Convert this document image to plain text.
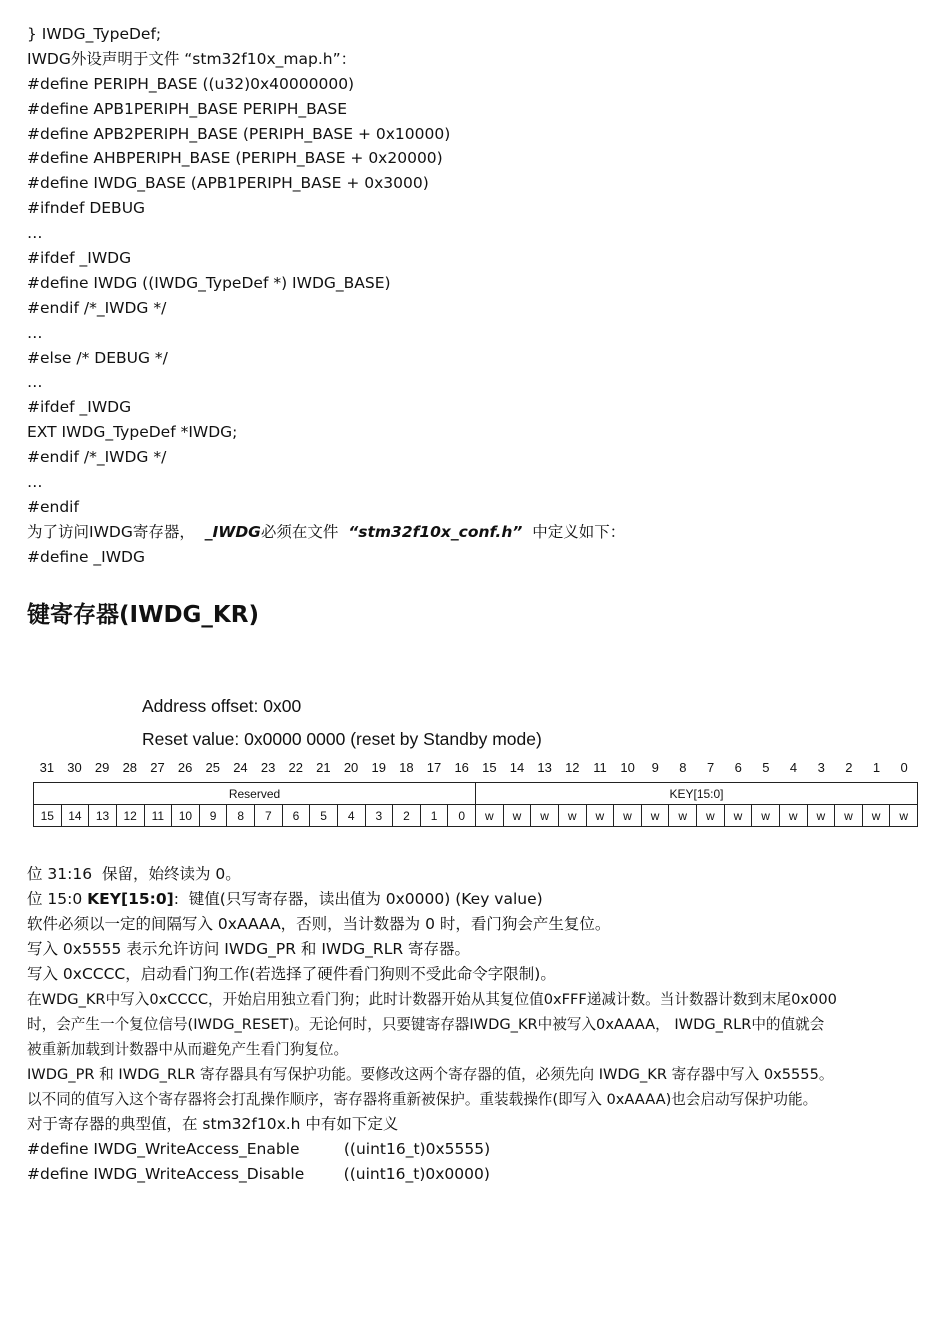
} IWDG_TypeDef;
IWDG外设声明于文件 “stm32f10x_map.h”：
#define PERIPH_BASE ((u32)0x40000000)
#define APB1PERIPH_BASE PERIPH_BASE
#define APB2PERIPH_BASE (PERIPH_BASE + 0x10000)
#define AHBPERIPH_BASE (PERIPH_BASE + 0x20000)
#define IWDG_BASE (APB1PERIPH_BASE + 0x3000)
#ifndef DEBUG
…
#ifdef _IWDG
#define IWDG ((IWDG_TypeDef *) IWDG_BASE)
#endif /*_IWDG */
…
#else /* DEBUG */
…
#ifdef _IWDG
EXT IWDG_TypeDef *IWDG;
#endif /*_IWDG */
…
#endif
为了访问IWDG寄存器，  _IWDG必须在文件  “stm32f10x_conf.h”  中定义如下：
#define _IWDG
键寄存器(IWDG_KR)
Address offset: 0x00
Reset value: 0x0000 0000 (reset by Standby mode)
31	30	29	28	27	26	25	24	23	22	21	20	19	18	17	16	15	14	13	12	11	10	9	8	7	6	5	4	3	2	1	0
Reserved																KEY[15:0]															
15	14	13	12	11	10	9	8	7	6	5	4	3	2	1	0	w	w	w	w	w	w	w	w	w	w	w	w	w	w	w	w
位 31:16  保留，始终读为 0。
位 15:0 KEY[15:0]:  键值(只写寄存器，读出值为 0x0000) (Key value)
软件必须以一定的间隔写入 0xAAAA，否则，当计数器为 0 时，看门狗会产生复位。
写入 0x5555 表示允许访问 IWDG_PR 和 IWDG_RLR 寄存器。
写入 0xCCCC，启动看门狗工作(若选择了硬件看门狗则不受此命令字限制)。
在WDG_KR中写入0xCCCC，开始启用独立看门狗；此时计数器开始从其复位值0xFFF递减计数。当计数器计数到末尾0x000
时，会产生一个复位信号(IWDG_RESET)。无论何时，只要键寄存器IWDG_KR中被写入0xAAAA， IWDG_RLR中的值就会
被重新加载到计数器中从而避免产生看门狗复位。
IWDG_PR 和 IWDG_RLR 寄存器具有写保护功能。要修改这两个寄存器的值，必须先向 IWDG_KR 寄存器中写入 0x5555。
以不同的值写入这个寄存器将会打乱操作顺序，寄存器将重新被保护。重装载操作(即写入 0xAAAA)也会启动写保护功能。
对于寄存器的典型值，在 stm32f10x.h 中有如下定义
#define IWDG_WriteAccess_Enable         ((uint16_t)0x5555)
#define IWDG_WriteAccess_Disable        ((uint16_t)0x0000)
